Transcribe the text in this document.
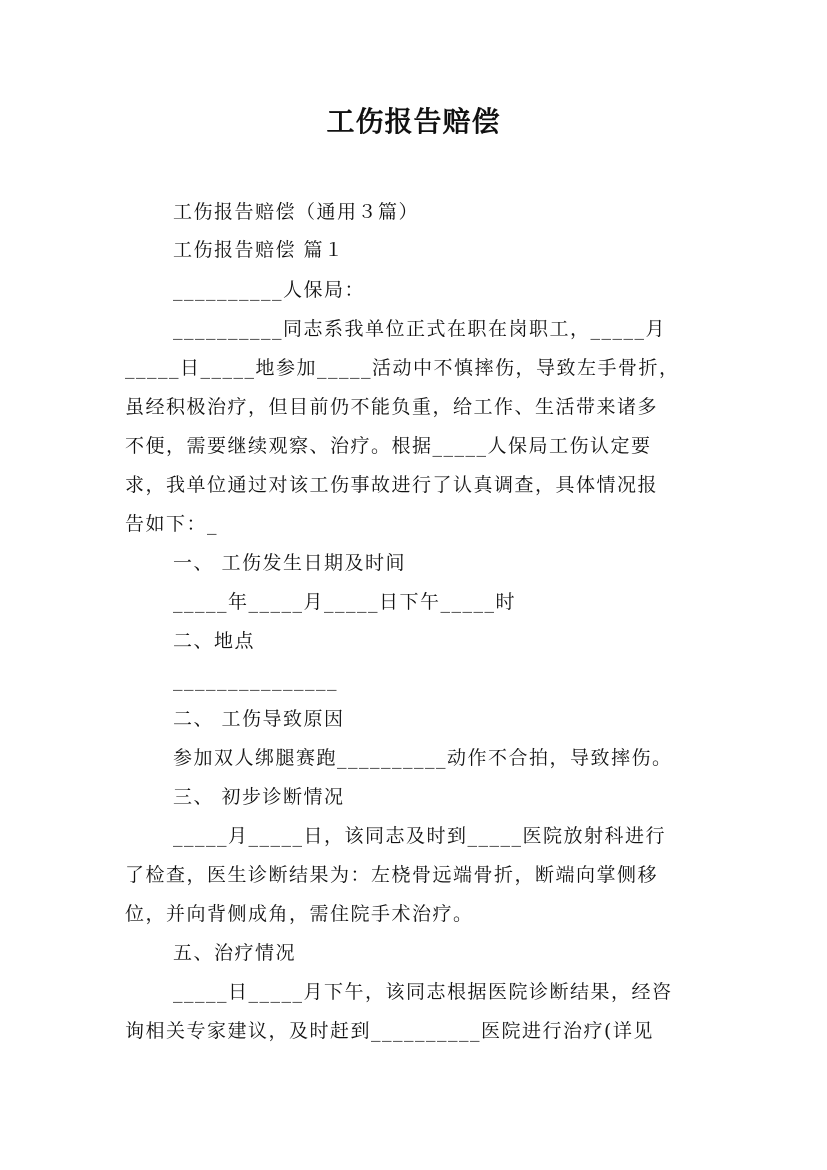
工伤报告赔偿
工伤报告赔偿（通用３篇）
工伤报告赔偿 篇１
__________人保局：
__________同志系我单位正式在职在岗职工，_____月
_____日_____地参加_____活动中不慎摔伤，导致左手骨折，
虽经积极治疗，但目前仍不能负重，给工作、生活带来诸多
不便，需要继续观察、治疗。根据_____人保局工伤认定要
求，我单位通过对该工伤事故进行了认真调查，具体情况报
告如下：_
一、 工伤发生日期及时间
_____年_____月_____日下午_____时
二、地点
_______________
二、 工伤导致原因
参加双人绑腿赛跑__________动作不合拍，导致摔伤。
三、 初步诊断情况
_____月_____日，该同志及时到_____医院放射科进行
了检查，医生诊断结果为：左桡骨远端骨折，断端向掌侧移
位，并向背侧成角，需住院手术治疗。
五、治疗情况
_____日_____月下午，该同志根据医院诊断结果，经咨
询相关专家建议，及时赶到__________医院进行治疗(详见
